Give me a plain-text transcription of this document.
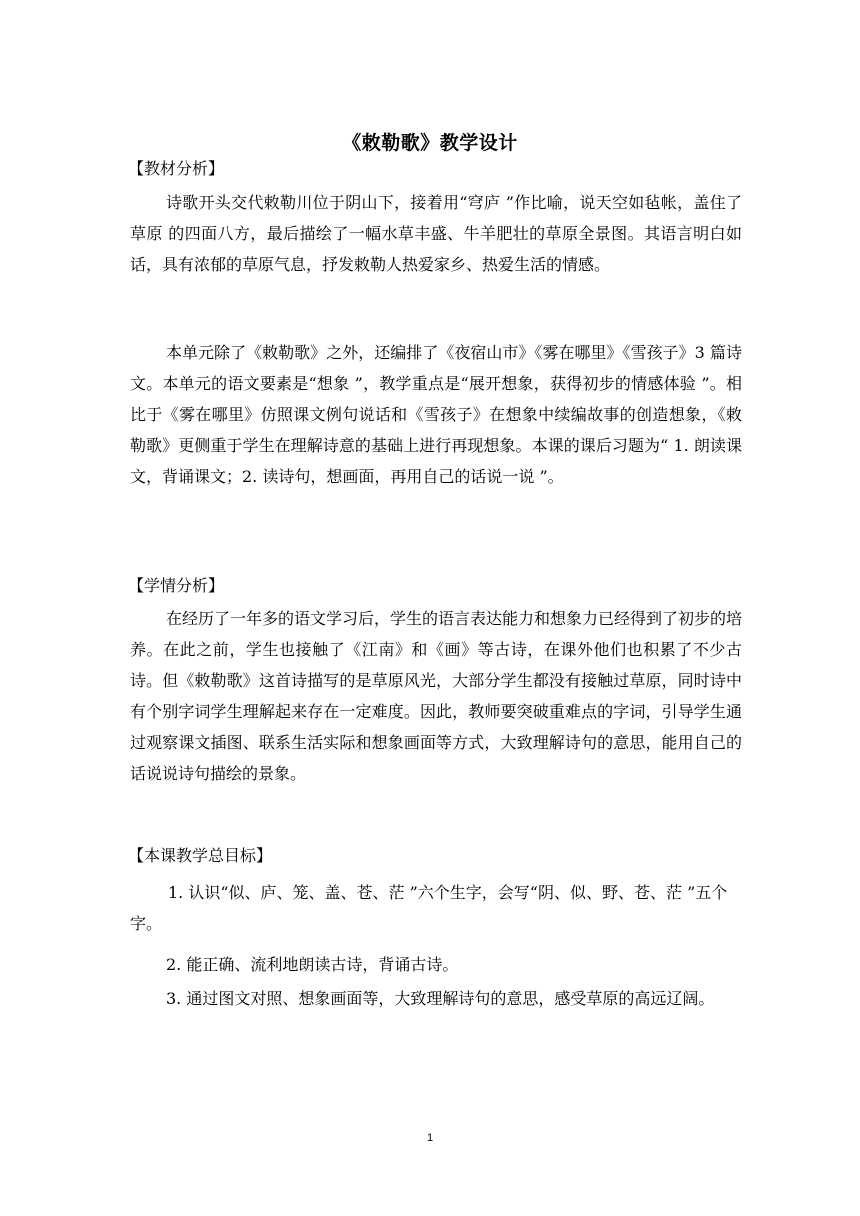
《敕勒歌》教学设计
【教材分析】

诗歌开头交代敕勒川位于阴山下，接着用“穹庐 ”作比喻，说天空如毡帐，盖住了草原 的四面八方，最后描绘了一幅水草丰盛、牛羊肥壮的草原全景图。其语言明白如话，具有浓郁的草原气息，抒发敕勒人热爱家乡、热爱生活的情感。

本单元除了《敕勒歌》之外，还编排了《夜宿山市》《雾在哪里》《雪孩子》3 篇诗文。本单元的语文要素是“想象 ”，教学重点是“展开想象，获得初步的情感体验 ”。相比于《雾在哪里》仿照课文例句说话和《雪孩子》在想象中续编故事的创造想象，《敕勒歌》更侧重于学生在理解诗意的基础上进行再现想象。本课的课后习题为“ 1. 朗读课文，背诵课文；2. 读诗句，想画面，再用自己的话说一说 ”。

【学情分析】

在经历了一年多的语文学习后，学生的语言表达能力和想象力已经得到了初步的培养。在此之前，学生也接触了《江南》和《画》等古诗，在课外他们也积累了不少古诗。但《敕勒歌》这首诗描写的是草原风光，大部分学生都没有接触过草原，同时诗中有个别字词学生理解起来存在一定难度。因此，教师要突破重难点的字词，引导学生通过观察课文插图、联系生活实际和想象画面等方式，大致理解诗句的意思，能用自己的话说说诗句描绘的景象。

【本课教学总目标】
1. 认识“似、庐、笼、盖、苍、茫 ”六个生字，会写“阴、似、野、苍、茫 ”五个字。
2. 能正确、流利地朗读古诗，背诵古诗。
3. 通过图文对照、想象画面等，大致理解诗句的意思，感受草原的高远辽阔。
1
